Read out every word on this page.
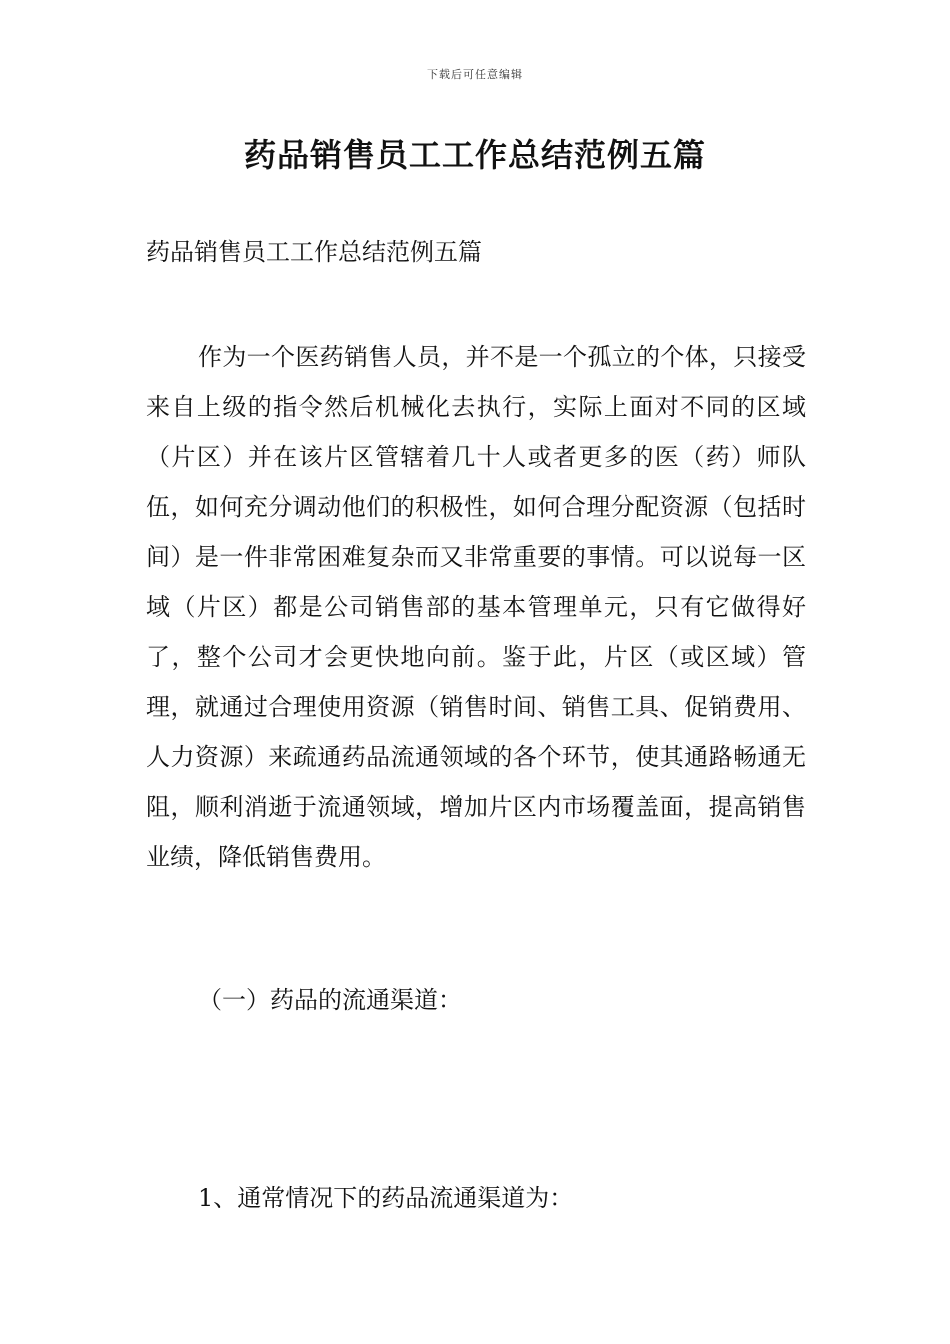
下载后可任意编辑
药品销售员工工作总结范例五篇

药品销售员工工作总结范例五篇

作为一个医药销售人员，并不是一个孤立的个体，只接受来自上级的指令然后机械化去执行，实际上面对不同的区域（片区）并在该片区管辖着几十人或者更多的医（药）师队伍，如何充分调动他们的积极性，如何合理分配资源（包括时间）是一件非常困难复杂而又非常重要的事情。可以说每一区域（片区）都是公司销售部的基本管理单元，只有它做得好了，整个公司才会更快地向前。鉴于此，片区（或区域）管理，就通过合理使用资源（销售时间、销售工具、促销费用、人力资源）来疏通药品流通领域的各个环节，使其通路畅通无阻，顺利消逝于流通领域，增加片区内市场覆盖面，提高销售业绩，降低销售费用。

（一）药品的流通渠道：

1、通常情况下的药品流通渠道为：
